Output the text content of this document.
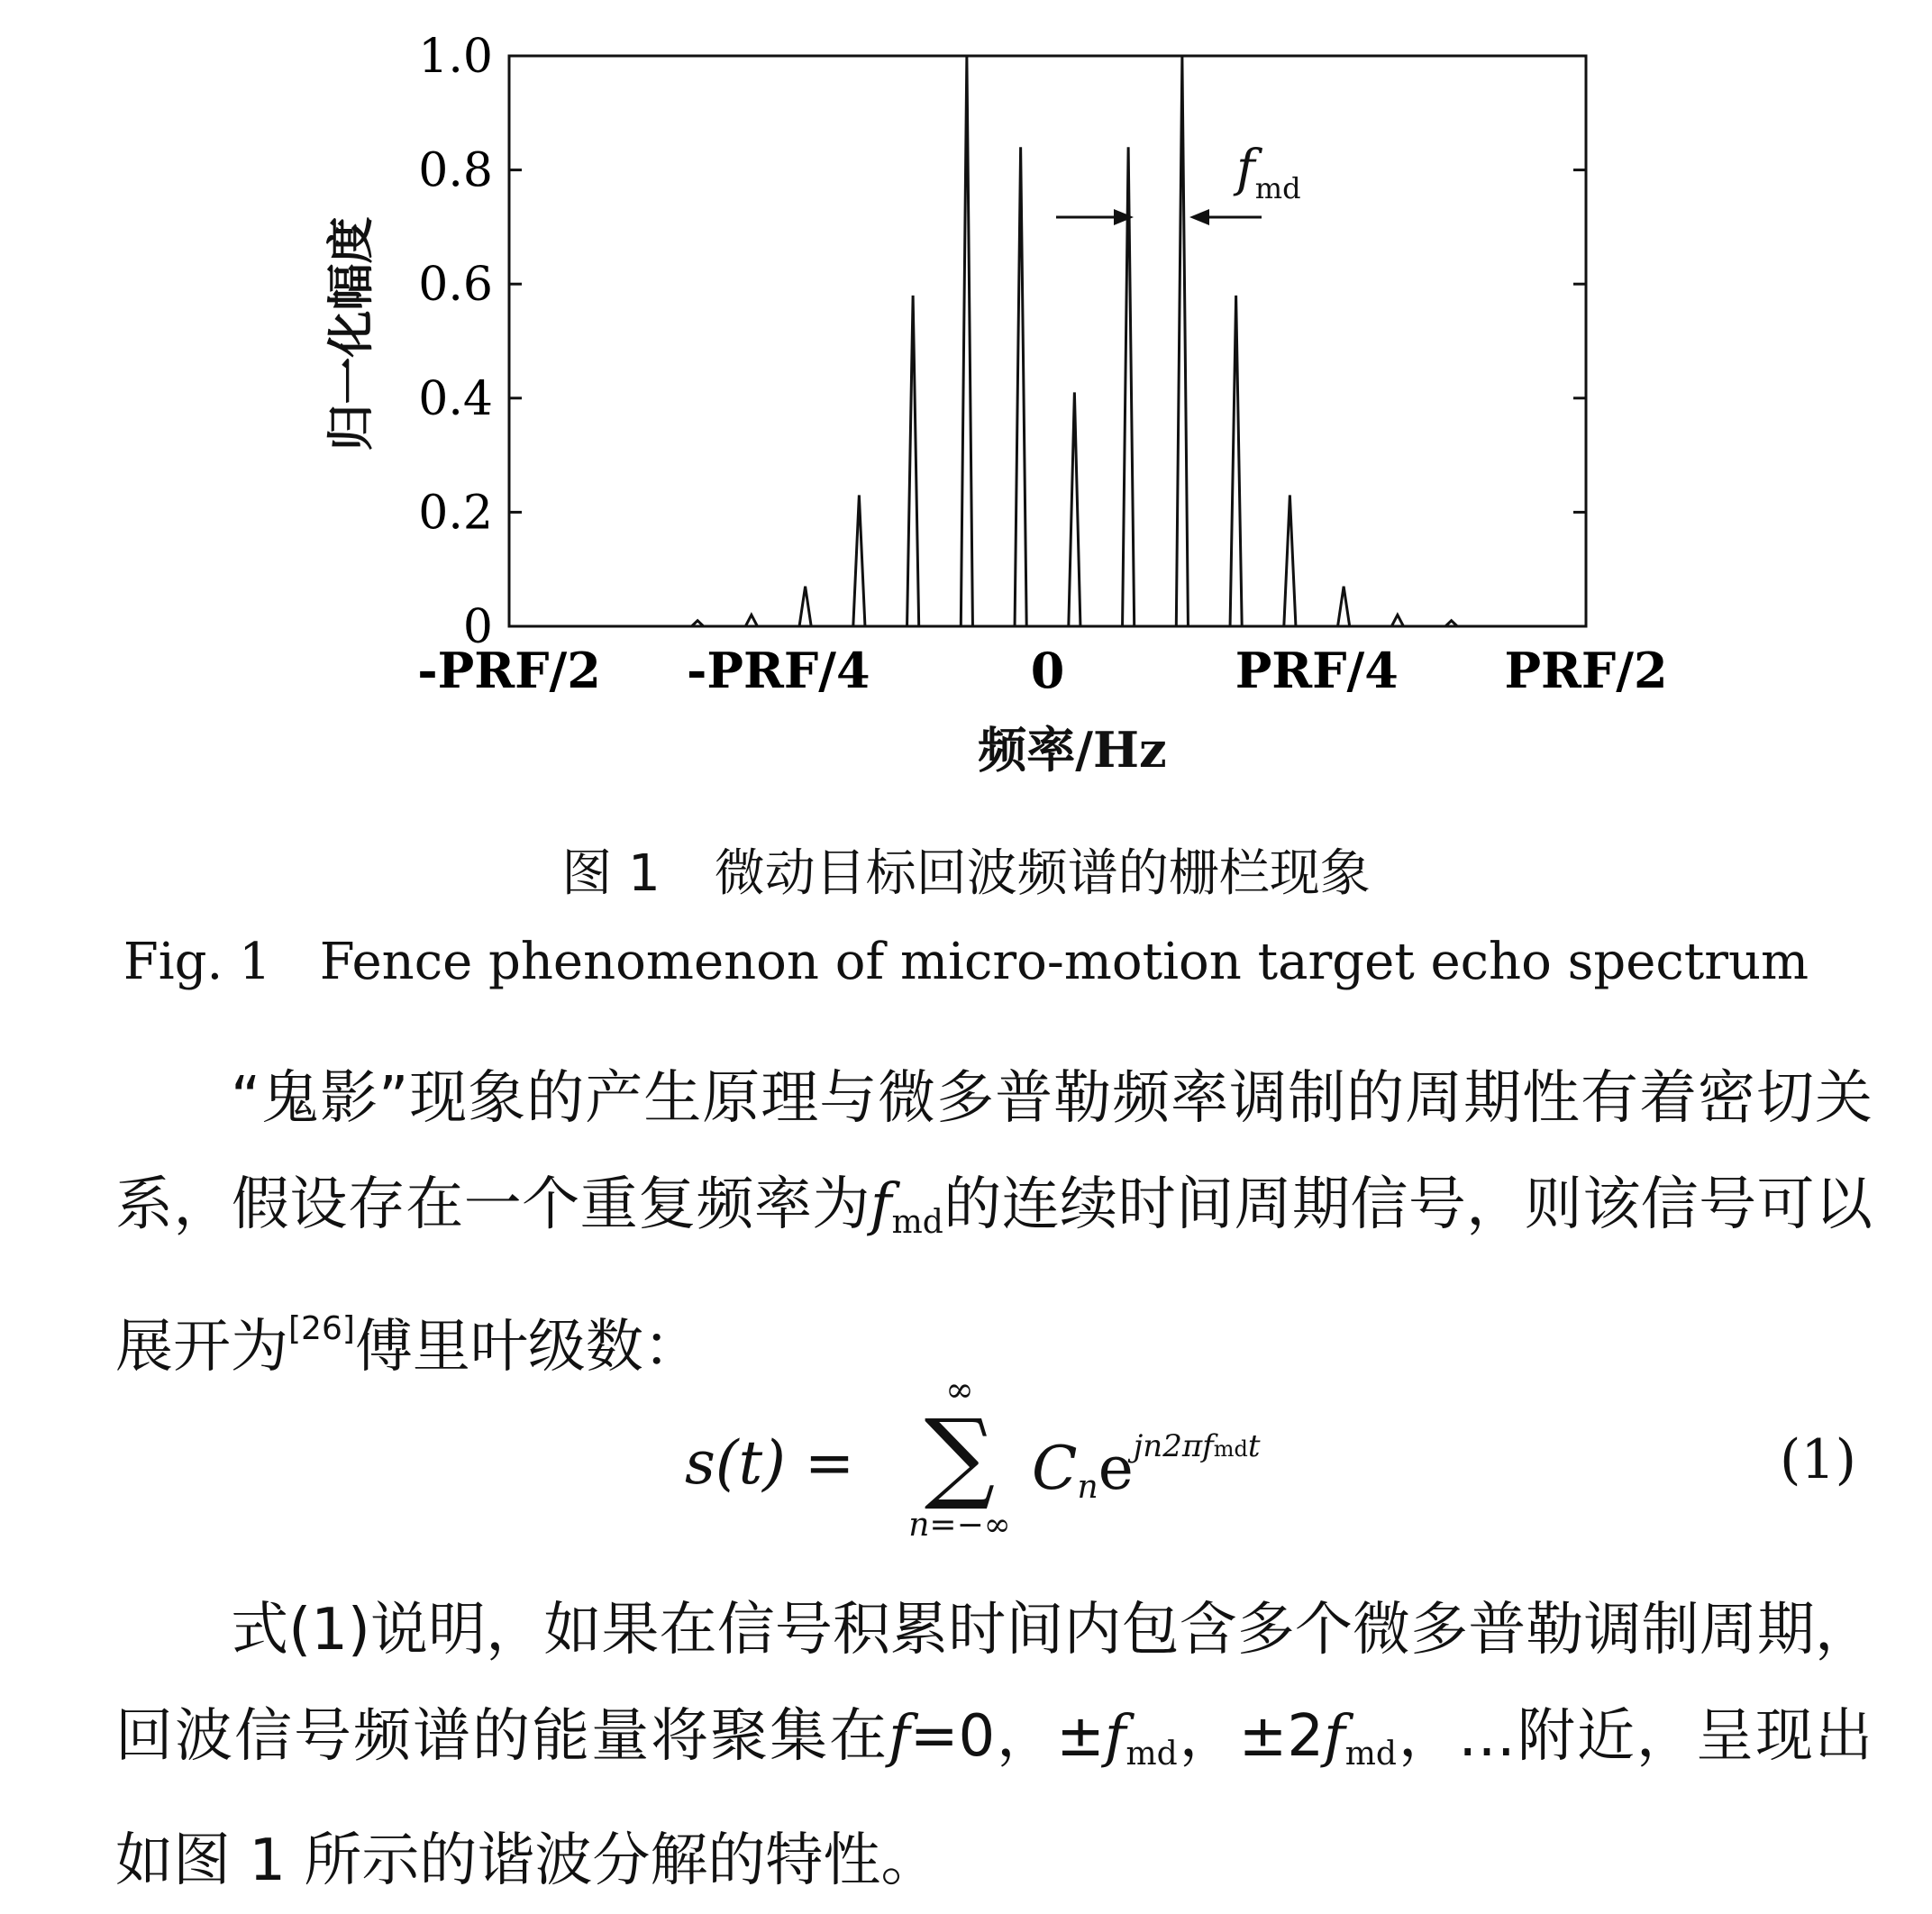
0
0.2
0.4
0.6
0.8
1.0
-PRF/2 -PRF/4	0	PRF/4 PRF/2
归一化幅度
频率/Hz
$f_{md}$
图 1 微动目标回波频谱的栅栏现象
Fig. 1 Fence phenomenon of micro-motion target echo spectrum
“鬼影”现象的产生原理与微多普勒频率调制的周期性有着密切关系，假设存在一个重复频率为$f_{md}$的连续时间周期信号，则该信号可以展开为[26]傅里叶级数：
s(t) =
∞
∑
n=−∞
$C_ne^{jn2\pi fmdt}$	(1)
式(1)说明，如果在信号积累时间内包含多个微多普勒调制周期，回波信号频谱的能量将聚集在f=0，$\pm f_{md}$，$\pm 2f_{md}$，…附近，呈现出如图 1 所示的谐波分解的特性。
